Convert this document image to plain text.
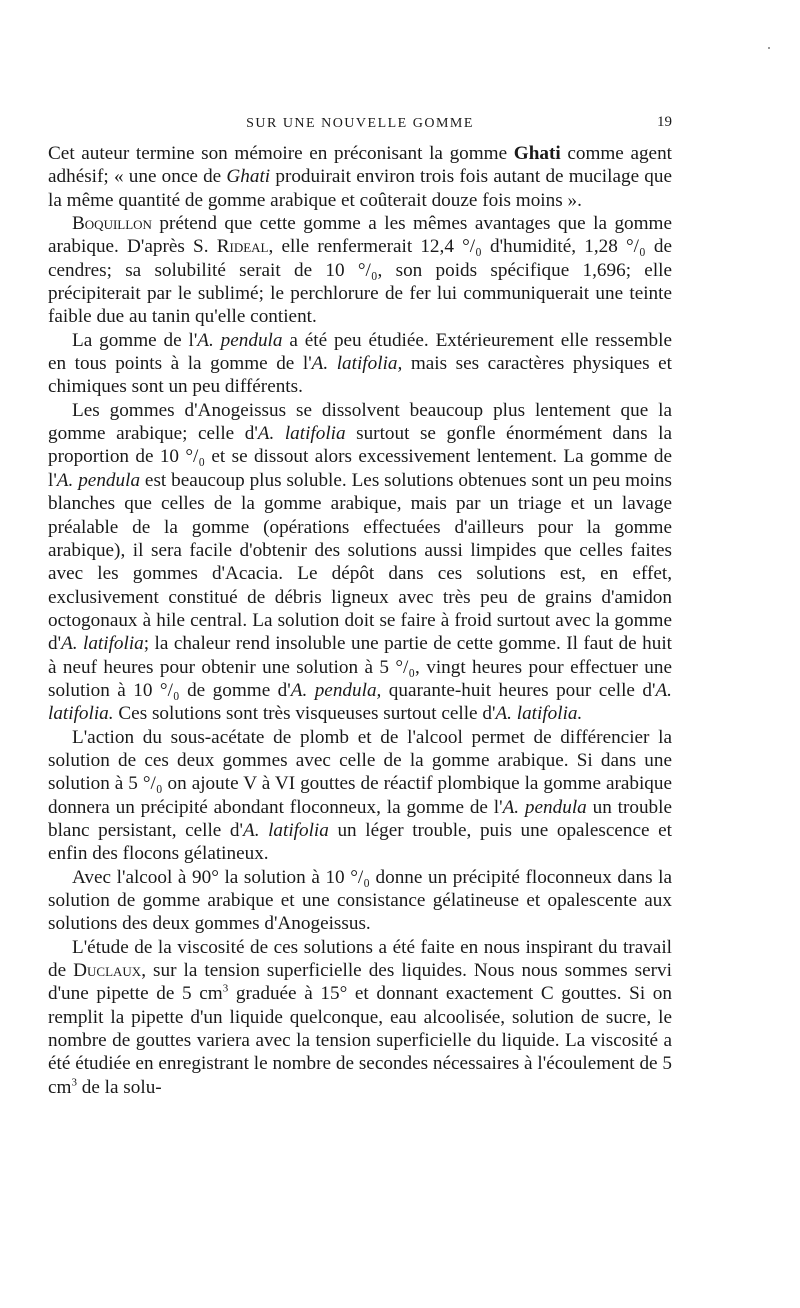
SUR UNE NOUVELLE GOMME	19

Cet auteur termine son mémoire en préconisant la gomme Ghati comme agent adhésif; « une once de Ghati produirait environ trois fois autant de mucilage que la même quantité de gomme arabique et coûterait douze fois moins ».

Boquillon prétend que cette gomme a les mêmes avantages que la gomme arabique. D'après S. Rideal, elle renfermerait 12,4 °/₀ d'humidité, 1,28 °/₀ de cendres; sa solubilité serait de 10 °/₀, son poids spécifique 1,696; elle précipiterait par le sublimé; le perchlorure de fer lui communiquerait une teinte faible due au tanin qu'elle contient.

La gomme de l'A. pendula a été peu étudiée. Extérieurement elle ressemble en tous points à la gomme de l'A. latifolia, mais ses caractères physiques et chimiques sont un peu différents.

Les gommes d'Anogeissus se dissolvent beaucoup plus lentement que la gomme arabique; celle d'A. latifolia surtout se gonfle énormément dans la proportion de 10 °/₀ et se dissout alors excessivement lentement. La gomme de l'A. pendula est beaucoup plus soluble. Les solutions obtenues sont un peu moins blanches que celles de la gomme arabique, mais par un triage et un lavage préalable de la gomme (opérations effectuées d'ailleurs pour la gomme arabique), il sera facile d'obtenir des solutions aussi limpides que celles faites avec les gommes d'Acacia. Le dépôt dans ces solutions est, en effet, exclusivement constitué de débris ligneux avec très peu de grains d'amidon octogonaux à hile central. La solution doit se faire à froid surtout avec la gomme d'A. latifolia; la chaleur rend insoluble une partie de cette gomme. Il faut de huit à neuf heures pour obtenir une solution à 5 °/₀, vingt heures pour effectuer une solution à 10 °/₀ de gomme d'A. pendula, quarante-huit heures pour celle d'A. latifolia. Ces solutions sont très visqueuses surtout celle d'A. latifolia.

L'action du sous-acétate de plomb et de l'alcool permet de différencier la solution de ces deux gommes avec celle de la gomme arabique. Si dans une solution à 5 °/₀ on ajoute V à VI gouttes de réactif plombique la gomme arabique donnera un précipité abondant floconneux, la gomme de l'A. pendula un trouble blanc persistant, celle d'A. latifolia un léger trouble, puis une opalescence et enfin des flocons gélatineux.

Avec l'alcool à 90° la solution à 10 °/₀ donne un précipité floconneux dans la solution de gomme arabique et une consistance gélatineuse et opalescente aux solutions des deux gommes d'Anogeissus.

L'étude de la viscosité de ces solutions a été faite en nous inspirant du travail de Duclaux, sur la tension superficielle des liquides. Nous nous sommes servi d'une pipette de 5 $cm^3$ graduée à 15° et donnant exactement C gouttes. Si on remplit la pipette d'un liquide quelconque, eau alcoolisée, solution de sucre, le nombre de gouttes variera avec la tension superficielle du liquide. La viscosité a été étudiée en enregistrant le nombre de secondes nécessaires à l'écoulement de 5 $cm^3$ de la solu-
